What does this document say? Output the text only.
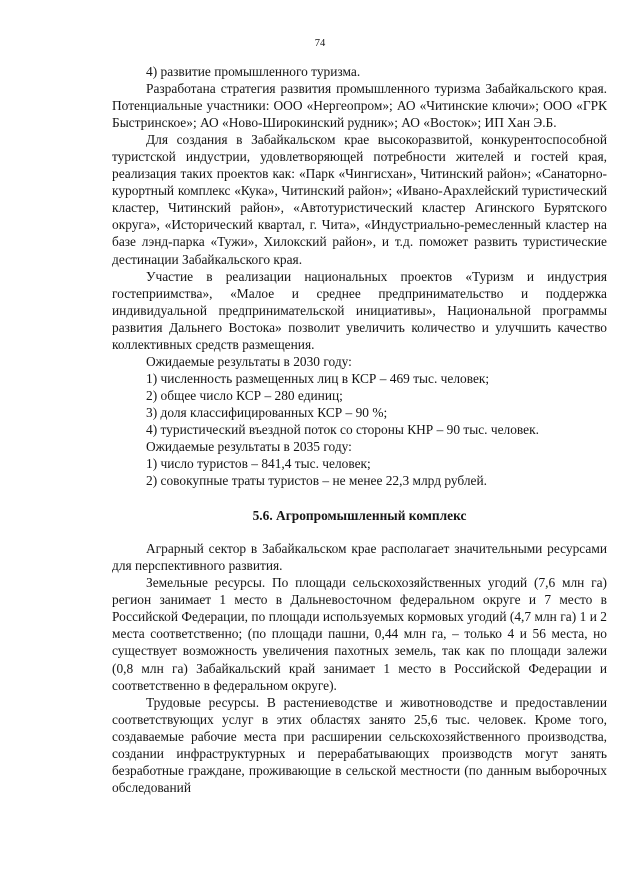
74

4) развитие промышленного туризма.

Разработана стратегия развития промышленного туризма Забайкальского края. Потенциальные участники: ООО «Нергеопром»; АО «Читинские ключи»; ООО «ГРК Быстринское»; АО «Ново-Широкинский рудник»; АО «Восток»; ИП Хан Э.Б.

Для создания в Забайкальском крае высокоразвитой, конкурентоспособной туристской индустрии, удовлетворяющей потребности жителей и гостей края, реализация таких проектов как: «Парк «Чингисхан», Читинский район»; «Санаторно-курортный комплекс «Кука», Читинский район»; «Ивано-Арахлейский туристический кластер, Читинский район», «Автотуристический кластер Агинского Бурятского округа», «Исторический квартал, г. Чита», «Индустриально-ремесленный кластер на базе лэнд-парка «Тужи», Хилокский район», и т.д. поможет развить туристические дестинации Забайкальского края.

Участие в реализации национальных проектов «Туризм и индустрия гостеприимства», «Малое и среднее предпринимательство и поддержка индивидуальной предпринимательской инициативы», Национальной программы развития Дальнего Востока» позволит увеличить количество и улучшить качество коллективных средств размещения.

Ожидаемые результаты в 2030 году:

1) численность размещенных лиц в КСР – 469 тыс. человек;

2) общее число КСР – 280 единиц;

3) доля классифицированных КСР – 90 %;

4) туристический въездной поток со стороны КНР – 90 тыс. человек.

Ожидаемые результаты в 2035 году:

1) число туристов – 841,4 тыс. человек;

2) совокупные траты туристов – не менее 22,3 млрд рублей.

5.6. Агропромышленный комплекс

Аграрный сектор в Забайкальском крае располагает значительными ресурсами для перспективного развития.

Земельные ресурсы. По площади сельскохозяйственных угодий (7,6 млн га) регион занимает 1 место в Дальневосточном федеральном округе и 7 место в Российской Федерации, по площади используемых кормовых угодий (4,7 млн га) 1 и 2 места соответственно; (по площади пашни, 0,44 млн га, – только 4 и 56 места, но существует возможность увеличения пахотных земель, так как по площади залежи (0,8 млн га) Забайкальский край занимает 1 место в Российской Федерации и соответственно в федеральном округе).

Трудовые ресурсы. В растениеводстве и животноводстве и предоставлении соответствующих услуг в этих областях занято 25,6 тыс. человек. Кроме того, создаваемые рабочие места при расширении сельскохозяйственного производства, создании инфраструктурных и перерабатывающих производств могут занять безработные граждане, проживающие в сельской местности (по данным выборочных обследований
